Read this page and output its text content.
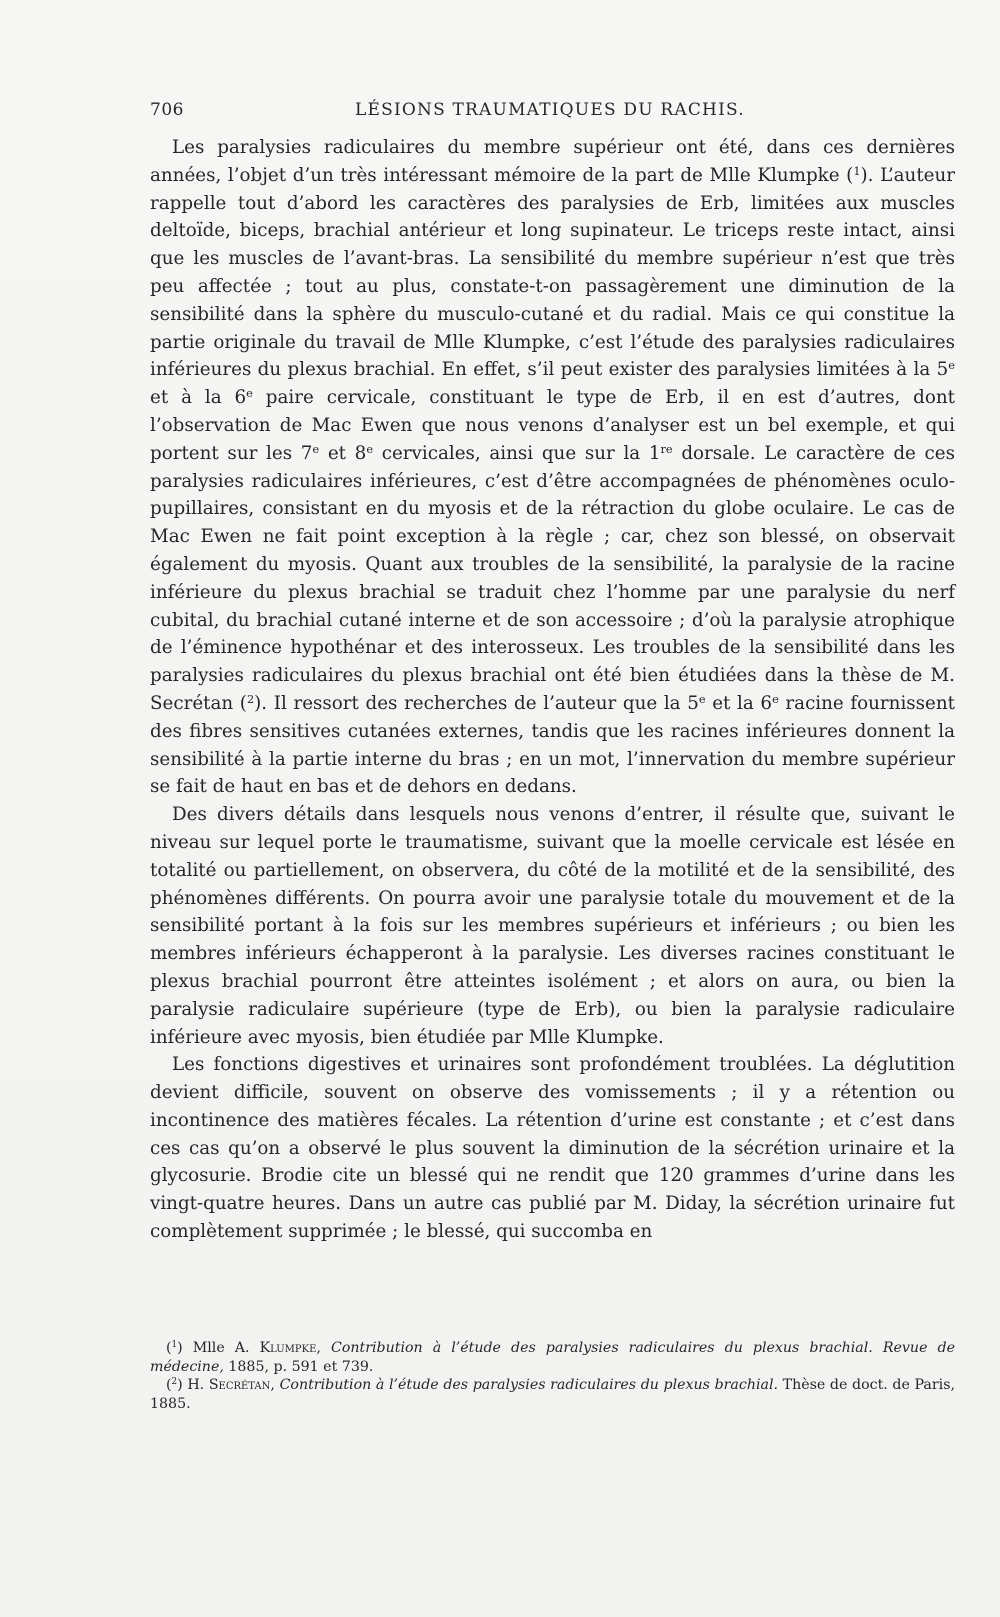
706	LÉSIONS TRAUMATIQUES DU RACHIS.

Les paralysies radiculaires du membre supérieur ont été, dans ces dernières années, l’objet d’un très intéressant mémoire de la part de Mlle Klumpke ($^1$). L’auteur rappelle tout d’abord les caractères des paralysies de Erb, limitées aux muscles deltoïde, biceps, brachial antérieur et long supinateur. Le triceps reste intact, ainsi que les muscles de l’avant-bras. La sensibilité du membre supérieur n’est que très peu affectée ; tout au plus, constate-t-on passagèrement une diminution de la sensibilité dans la sphère du musculo-cutané et du radial. Mais ce qui constitue la partie originale du travail de Mlle Klumpke, c’est l’étude des paralysies radiculaires inférieures du plexus brachial. En effet, s’il peut exister des paralysies limitées à la 5e et à la 6e paire cervicale, constituant le type de Erb, il en est d’autres, dont l’observation de Mac Ewen que nous venons d’analyser est un bel exemple, et qui portent sur les 7e et 8e cervicales, ainsi que sur la 1re dorsale. Le caractère de ces paralysies radiculaires inférieures, c’est d’être accompagnées de phénomènes oculo-pupillaires, consistant en du myosis et de la rétraction du globe oculaire. Le cas de Mac Ewen ne fait point exception à la règle ; car, chez son blessé, on observait également du myosis. Quant aux troubles de la sensibilité, la paralysie de la racine inférieure du plexus brachial se traduit chez l’homme par une paralysie du nerf cubital, du brachial cutané interne et de son accessoire ; d’où la paralysie atrophique de l’éminence hypothénar et des interosseux. Les troubles de la sensibilité dans les paralysies radiculaires du plexus brachial ont été bien étudiées dans la thèse de M. Secrétan ($^2$). Il ressort des recherches de l’auteur que la 5e et la 6e racine fournissent des fibres sensitives cutanées externes, tandis que les racines inférieures donnent la sensibilité à la partie interne du bras ; en un mot, l’innervation du membre supérieur se fait de haut en bas et de dehors en dedans.

Des divers détails dans lesquels nous venons d’entrer, il résulte que, suivant le niveau sur lequel porte le traumatisme, suivant que la moelle cervicale est lésée en totalité ou partiellement, on observera, du côté de la motilité et de la sensibilité, des phénomènes différents. On pourra avoir une paralysie totale du mouvement et de la sensibilité portant à la fois sur les membres supérieurs et inférieurs ; ou bien les membres inférieurs échapperont à la paralysie. Les diverses racines constituant le plexus brachial pourront être atteintes isolément ; et alors on aura, ou bien la paralysie radiculaire supérieure (type de Erb), ou bien la paralysie radiculaire inférieure avec myosis, bien étudiée par Mlle Klumpke.

Les fonctions digestives et urinaires sont profondément troublées. La déglutition devient difficile, souvent on observe des vomissements ; il y a rétention ou incontinence des matières fécales. La rétention d’urine est constante ; et c’est dans ces cas qu’on a observé le plus souvent la diminution de la sécrétion urinaire et la glycosurie. Brodie cite un blessé qui ne rendit que 120 grammes d’urine dans les vingt-quatre heures. Dans un autre cas publié par M. Diday, la sécrétion urinaire fut complètement supprimée ; le blessé, qui succomba en

($^1$) Mlle A. Klumpke, Contribution à l’étude des paralysies radiculaires du plexus brachial. Revue de médecine, 1885, p. 591 et 739.

($^2$) H. Secrétan, Contribution à l’étude des paralysies radiculaires du plexus brachial. Thèse de doct. de Paris, 1885.
